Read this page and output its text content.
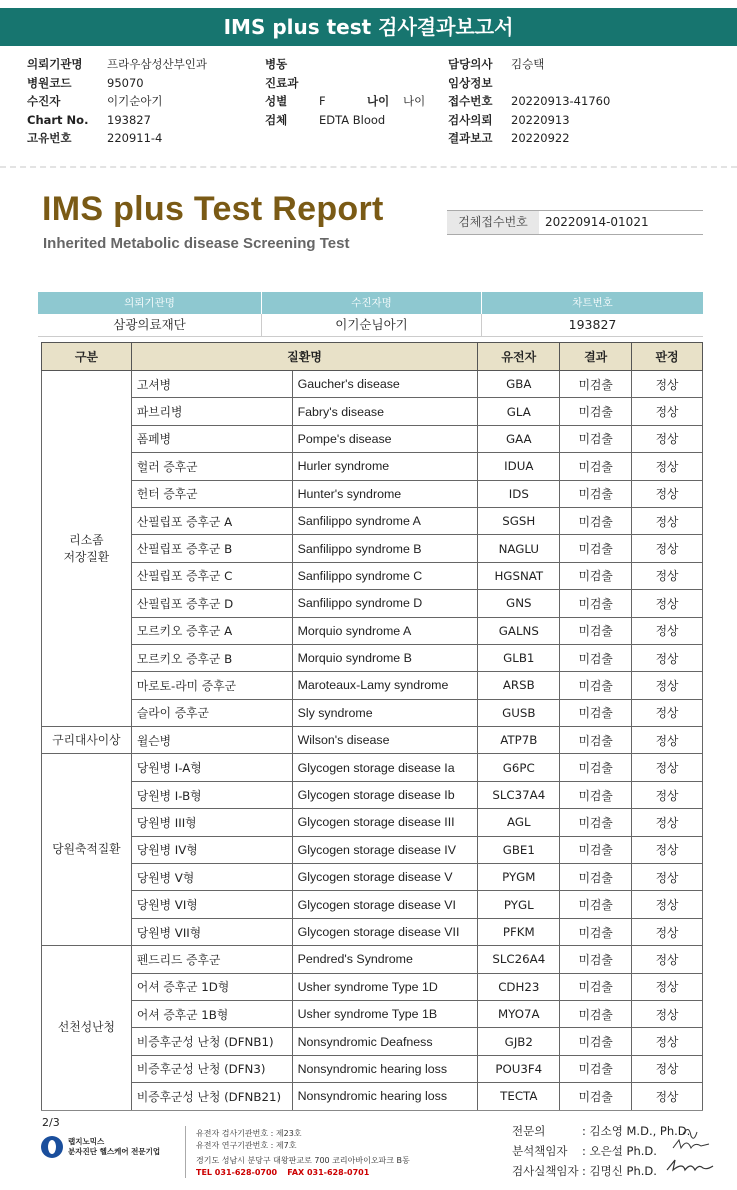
IMS plus test 검사결과보고서
의뢰기관명 프라우삼성산부인과
병원코드	95070
수진자	이기순아기
Chart No. 193827
고유번호	220911-4
병동
진료과
성별	F	나이 나이
검체	EDTA Blood
담당의사 김승택
임상정보
접수번호 20220913-41760
검사의뢰 20220913
결과보고 20220922
IMS plus Test Report
Inherited Metabolic disease Screening Test
검체접수번호	20220914-01021
의뢰기관명	수진자명	차트번호
삼광의료재단	이기순님아기	193827
구분	질환명		유전자	결과	판정
리소좀
저장질환	고셔병	Gaucher's disease	GBA	미검출	정상
	파브리병	Fabry's disease	GLA	미검출	정상
	폼페병	Pompe's disease	GAA	미검출	정상
	헐러 증후군	Hurler syndrome	IDUA	미검출	정상
	헌터 증후군	Hunter's syndrome	IDS	미검출	정상
	산필립포 증후군 A	Sanfilippo syndrome A	SGSH	미검출	정상
	산필립포 증후군 B	Sanfilippo syndrome B	NAGLU	미검출	정상
	산필립포 증후군 C	Sanfilippo syndrome C	HGSNAT	미검출	정상
	산필립포 증후군 D	Sanfilippo syndrome D	GNS	미검출	정상
	모르키오 증후군 A	Morquio syndrome A	GALNS	미검출	정상
	모르키오 증후군 B	Morquio syndrome B	GLB1	미검출	정상
	마로토-라미 증후군	Maroteaux-Lamy syndrome	ARSB	미검출	정상
	슬라이 증후군	Sly syndrome	GUSB	미검출	정상
구리대사이상	윌슨병	Wilson's disease	ATP7B	미검출	정상
당원축적질환	당원병 I-A형	Glycogen storage disease Ia	G6PC	미검출	정상
	당원병 I-B형	Glycogen storage disease Ib	SLC37A4	미검출	정상
	당원병 III형	Glycogen storage disease III	AGL	미검출	정상
	당원병 IV형	Glycogen storage disease IV	GBE1	미검출	정상
	당원병 V형	Glycogen storage disease V	PYGM	미검출	정상
	당원병 VI형	Glycogen storage disease VI	PYGL	미검출	정상
	당원병 VII형	Glycogen storage disease VII	PFKM	미검출	정상
선천성난청	펜드리드 증후군	Pendred's Syndrome	SLC26A4	미검출	정상
	어셔 증후군 1D형	Usher syndrome Type 1D	CDH23	미검출	정상
	어셔 증후군 1B형	Usher syndrome Type 1B	MYO7A	미검출	정상
	비증후군성 난청 (DFNB1)	Nonsyndromic Deafness	GJB2	미검출	정상
	비증후군성 난청 (DFN3)	Nonsyndromic hearing loss	POU3F4	미검출	정상
	비증후군성 난청 (DFNB21)	Nonsyndromic hearing loss	TECTA	미검출	정상
2/3
랩지노믹스
분자진단 헬스케어 전문기업
유전자 검사기관번호 : 제23호
유전자 연구기관번호 : 제7호
경기도 성남시 분당구 대왕판교로 700 코리아바이오파크 B동
TEL 031-628-0700 FAX 031-628-0701
전문의	: 김소영 M.D., Ph.D.
분석책임자	: 오은설 Ph.D.
검사실책임자 : 김명신 Ph.D.
